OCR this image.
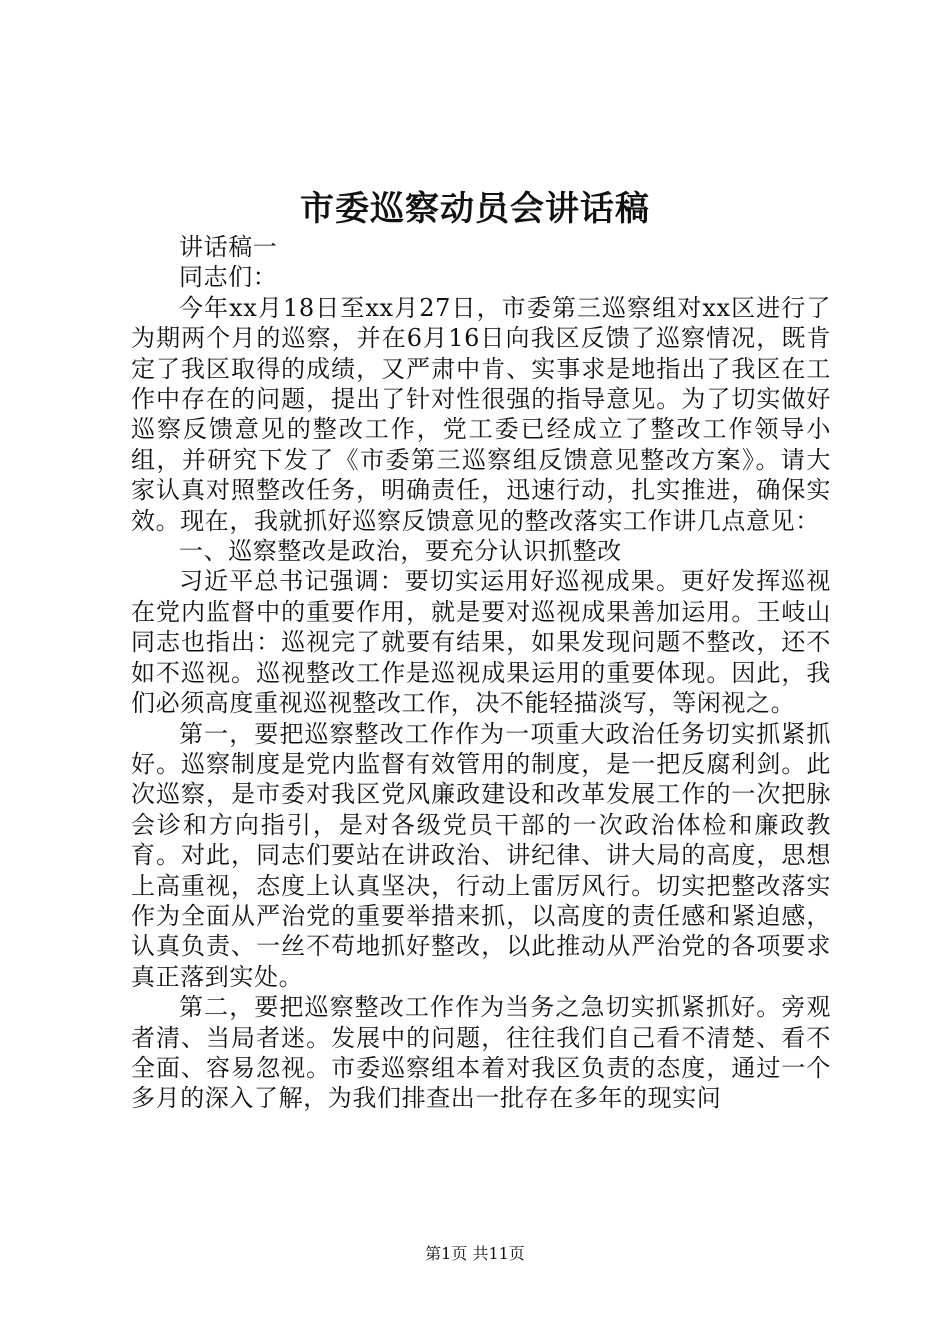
市委巡察动员会讲话稿

讲话稿一

同志们：

今年xx月18日至xx月27日，市委第三巡察组对xx区进行了为期两个月的巡察，并在6月16日向我区反馈了巡察情况，既肯定了我区取得的成绩，又严肃中肯、实事求是地指出了我区在工作中存在的问题，提出了针对性很强的指导意见。为了切实做好巡察反馈意见的整改工作，党工委已经成立了整改工作领导小组，并研究下发了《市委第三巡察组反馈意见整改方案》。请大家认真对照整改任务，明确责任，迅速行动，扎实推进，确保实效。现在，我就抓好巡察反馈意见的整改落实工作讲几点意见：

一、巡察整改是政治，要充分认识抓整改

习近平总书记强调：要切实运用好巡视成果。更好发挥巡视在党内监督中的重要作用，就是要对巡视成果善加运用。王岐山同志也指出：巡视完了就要有结果，如果发现问题不整改，还不如不巡视。巡视整改工作是巡视成果运用的重要体现。因此，我们必须高度重视巡视整改工作，决不能轻描淡写，等闲视之。

第一，要把巡察整改工作作为一项重大政治任务切实抓紧抓好。巡察制度是党内监督有效管用的制度，是一把反腐利剑。此次巡察，是市委对我区党风廉政建设和改革发展工作的一次把脉会诊和方向指引，是对各级党员干部的一次政治体检和廉政教育。对此，同志们要站在讲政治、讲纪律、讲大局的高度，思想上高重视，态度上认真坚决，行动上雷厉风行。切实把整改落实作为全面从严治党的重要举措来抓，以高度的责任感和紧迫感，认真负责、一丝不苟地抓好整改，以此推动从严治党的各项要求真正落到实处。

第二，要把巡察整改工作作为当务之急切实抓紧抓好。旁观者清、当局者迷。发展中的问题，往往我们自己看不清楚、看不全面、容易忽视。市委巡察组本着对我区负责的态度，通过一个多月的深入了解，为我们排查出一批存在多年的现实问

第1页 共11页
